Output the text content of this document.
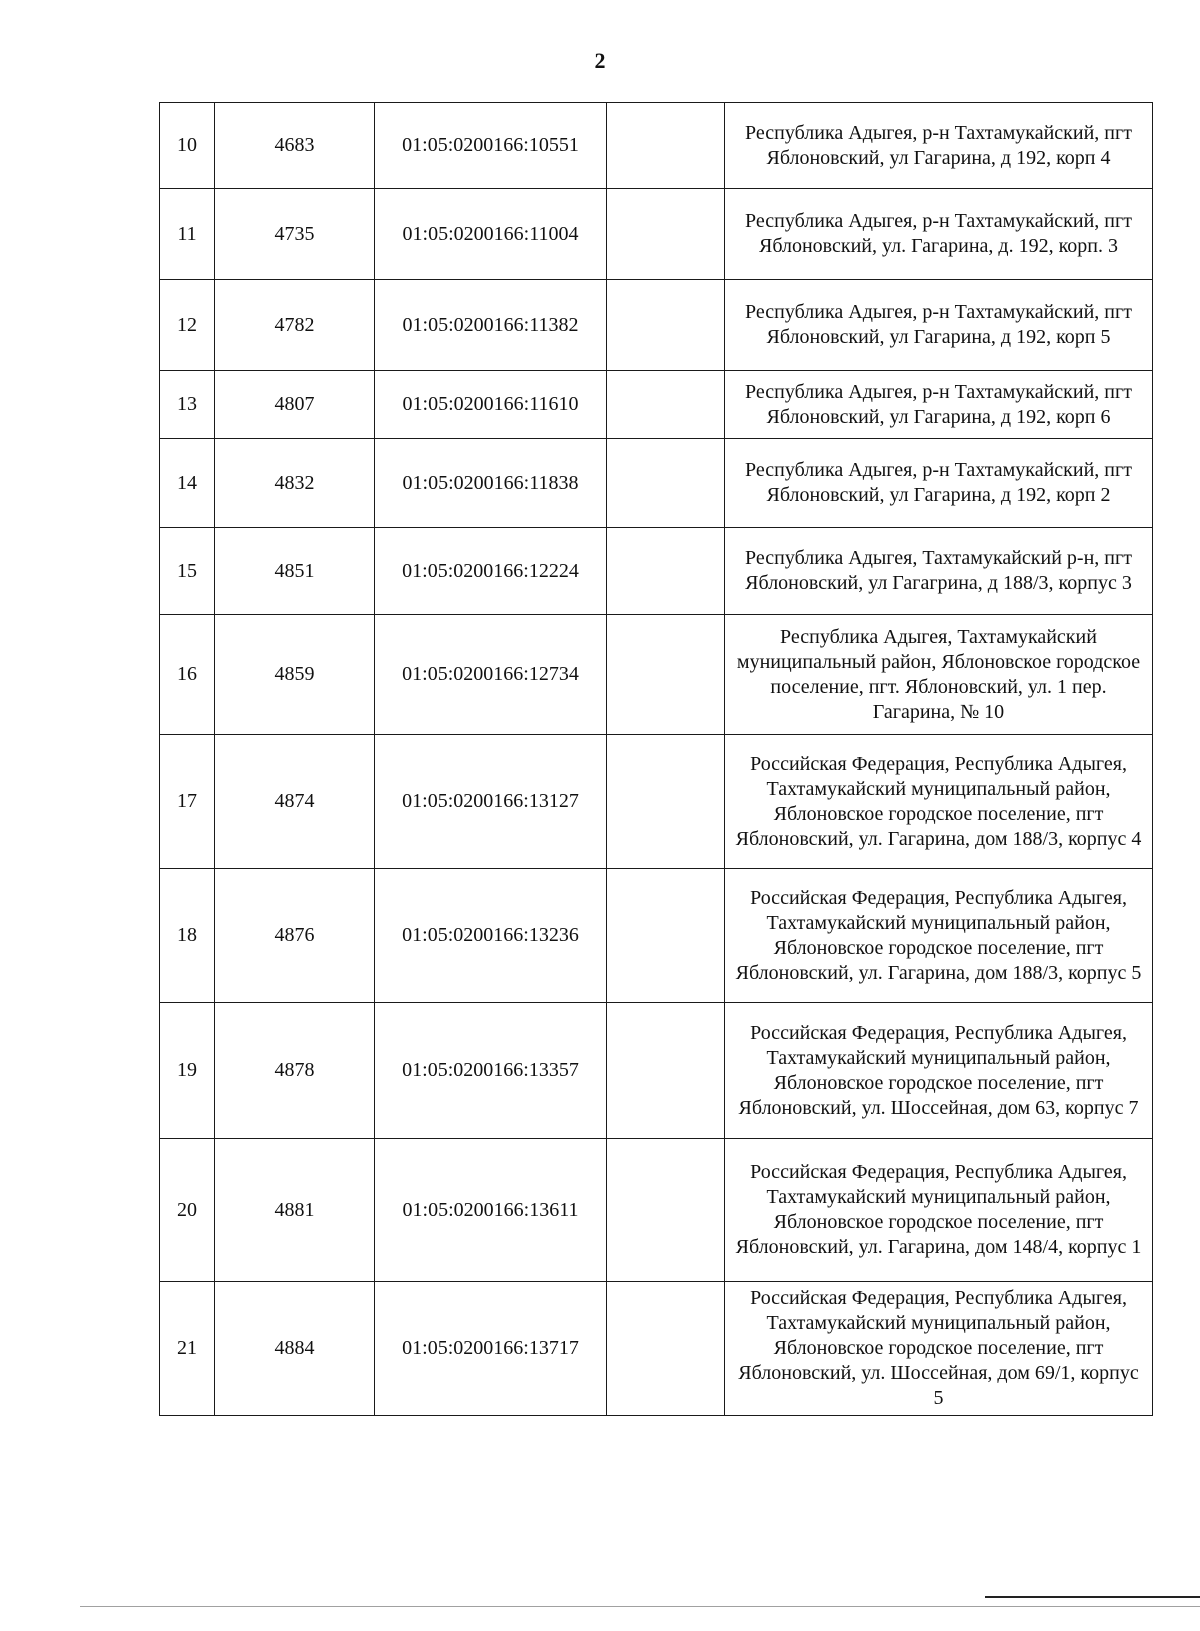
2
10	4683	01:05:0200166:10551		Республика Адыгея, р-н Тахтамукайский, пгт Яблоновский, ул Гагарина, д 192, корп 4
11	4735	01:05:0200166:11004		Республика Адыгея, р-н Тахтамукайский, пгт Яблоновский, ул. Гагарина, д. 192, корп. 3
12	4782	01:05:0200166:11382		Республика Адыгея, р-н Тахтамукайский, пгт Яблоновский, ул Гагарина, д 192, корп 5
13	4807	01:05:0200166:11610		Республика Адыгея, р-н Тахтамукайский, пгт Яблоновский, ул Гагарина, д 192, корп 6
14	4832	01:05:0200166:11838		Республика Адыгея, р-н Тахтамукайский, пгт Яблоновский, ул Гагарина, д 192, корп 2
15	4851	01:05:0200166:12224		Республика Адыгея, Тахтамукайский р-н, пгт Яблоновский, ул Гагагрина, д 188/3, корпус 3
16	4859	01:05:0200166:12734		Республика Адыгея, Тахтамукайский муниципальный район, Яблоновское городское поселение, пгт. Яблоновский, ул. 1 пер. Гагарина, № 10
17	4874	01:05:0200166:13127		Российская Федерация, Республика Адыгея, Тахтамукайский муниципальный район, Яблоновское городское поселение, пгт Яблоновский, ул. Гагарина, дом 188/3, корпус 4
18	4876	01:05:0200166:13236		Российская Федерация, Республика Адыгея, Тахтамукайский муниципальный район, Яблоновское городское поселение, пгт Яблоновский, ул. Гагарина, дом 188/3, корпус 5
19	4878	01:05:0200166:13357		Российская Федерация, Республика Адыгея, Тахтамукайский муниципальный район, Яблоновское городское поселение, пгт Яблоновский, ул. Шоссейная, дом 63, корпус 7
20	4881	01:05:0200166:13611		Российская Федерация, Республика Адыгея, Тахтамукайский муниципальный район, Яблоновское городское поселение, пгт Яблоновский, ул. Гагарина, дом 148/4, корпус 1
21	4884	01:05:0200166:13717		Российская Федерация, Республика Адыгея, Тахтамукайский муниципальный район, Яблоновское городское поселение, пгт Яблоновский, ул. Шоссейная, дом 69/1, корпус 5
